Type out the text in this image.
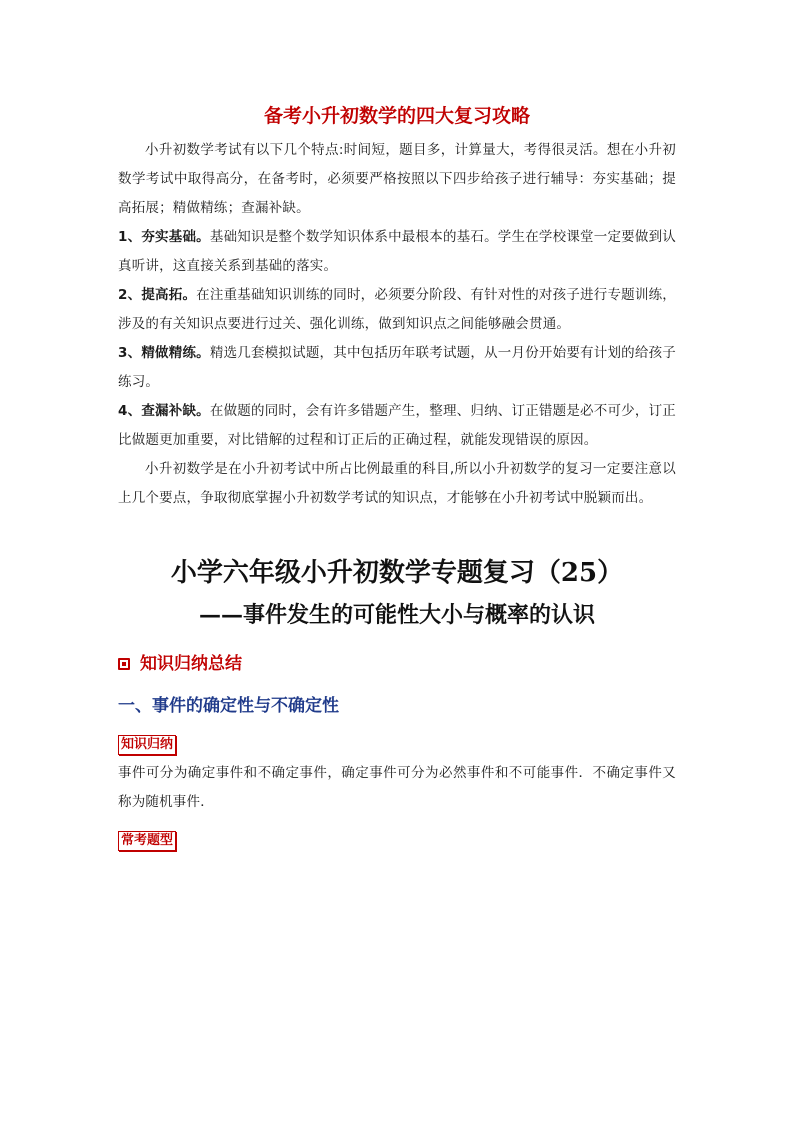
备考小升初数学的四大复习攻略

小升初数学考试有以下几个特点:时间短，题目多，计算量大，考得很灵活。想在小升初数学考试中取得高分，在备考时，必须要严格按照以下四步给孩子进行辅导：夯实基础；提高拓展；精做精练；查漏补缺。

1、夯实基础。基础知识是整个数学知识体系中最根本的基石。学生在学校课堂一定要做到认真听讲，这直接关系到基础的落实。

2、提高拓。在注重基础知识训练的同时，必须要分阶段、有针对性的对孩子进行专题训练，涉及的有关知识点要进行过关、强化训练，做到知识点之间能够融会贯通。

3、精做精练。精选几套模拟试题，其中包括历年联考试题，从一月份开始要有计划的给孩子练习。

4、查漏补缺。在做题的同时，会有许多错题产生，整理、归纳、订正错题是必不可少，订正比做题更加重要，对比错解的过程和订正后的正确过程，就能发现错误的原因。

小升初数学是在小升初考试中所占比例最重的科目,所以小升初数学的复习一定要注意以上几个要点，争取彻底掌握小升初数学考试的知识点，才能够在小升初考试中脱颖而出。

小学六年级小升初数学专题复习（25）
——事件发生的可能性大小与概率的认识
知识归纳总结
一、事件的确定性与不确定性
知识归纳

事件可分为确定事件和不确定事件，确定事件可分为必然事件和不可能事件．不确定事件又称为随机事件．

常考题型
